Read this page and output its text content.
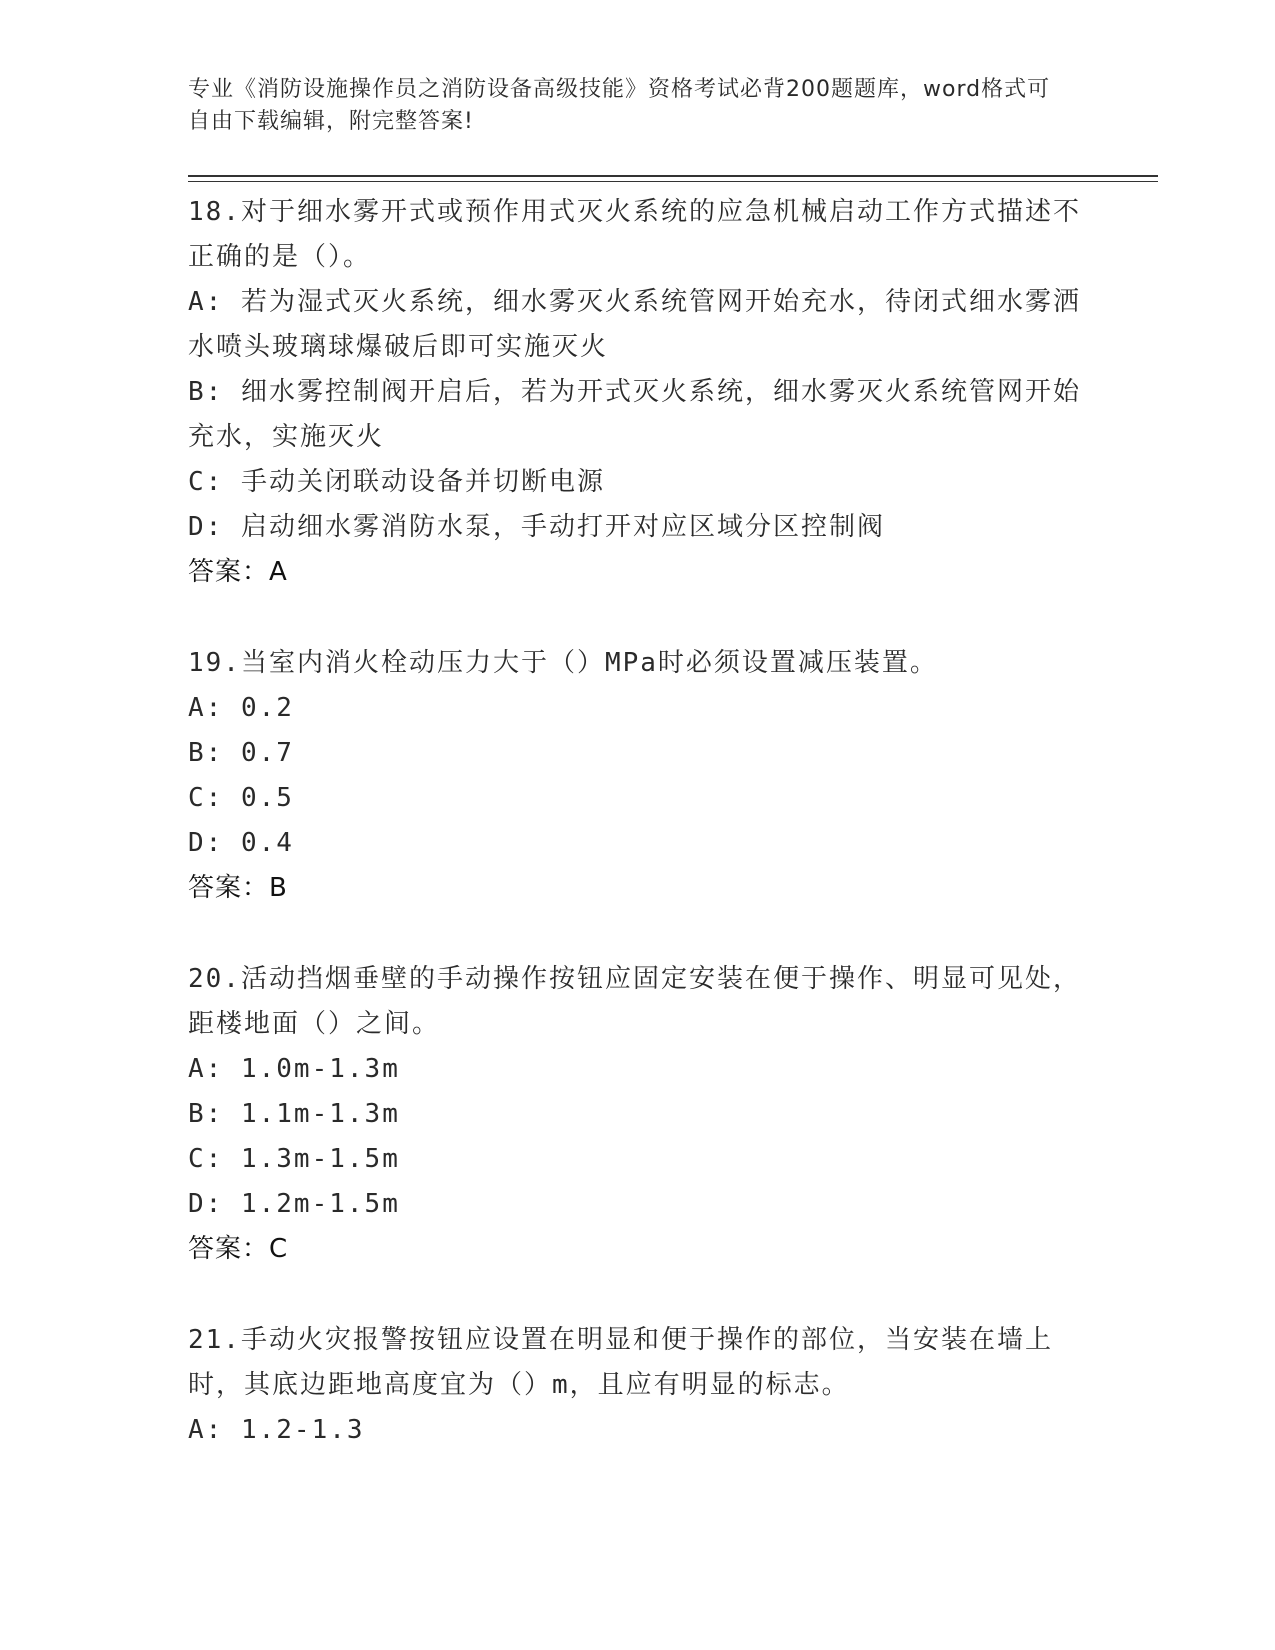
专业《消防设施操作员之消防设备高级技能》资格考试必背200题题库，word格式可自由下载编辑，附完整答案!
18.对于细水雾开式或预作用式灭火系统的应急机械启动工作方式描述不正确的是（）。
A: 若为湿式灭火系统，细水雾灭火系统管网开始充水，待闭式细水雾洒水喷头玻璃球爆破后即可实施灭火
B: 细水雾控制阀开启后，若为开式灭火系统，细水雾灭火系统管网开始充水，实施灭火
C: 手动关闭联动设备并切断电源
D: 启动细水雾消防水泵，手动打开对应区域分区控制阀
答案：A
19.当室内消火栓动压力大于（）MPa时必须设置减压装置。
A: 0.2
B: 0.7
C: 0.5
D: 0.4
答案：B
20.活动挡烟垂壁的手动操作按钮应固定安装在便于操作、明显可见处，距楼地面（）之间。
A: 1.0m-1.3m
B: 1.1m-1.3m
C: 1.3m-1.5m
D: 1.2m-1.5m
答案：C
21.手动火灾报警按钮应设置在明显和便于操作的部位，当安装在墙上时，其底边距地高度宜为（）m，且应有明显的标志。
A: 1.2-1.3
